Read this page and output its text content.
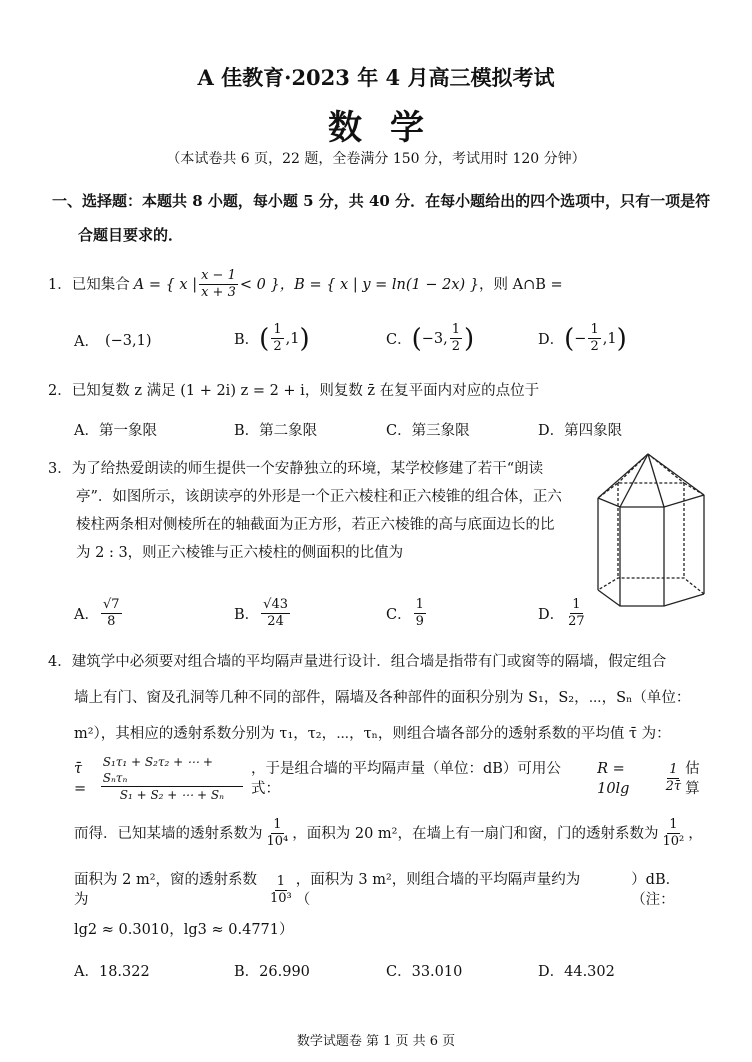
A 佳教育·2023 年 4 月高三模拟考试
数学
（本试卷共 6 页，22 题，全卷满分 150 分，考试用时 120 分钟）
一、选择题：本题共 8 小题，每小题 5 分，共 40 分．在每小题给出的四个选项中，只有一项是符
合题目要求的．
1． 已知集合 A = { x | $\frac{x - 1}{x + 3} < 0$ } ，B = { x | y = ln(1 − 2x) } ，则 A∩B =
A． (−3,1)	B． ( $\frac{1}{2} ,1$ )	C． ( −3, $\frac{1}{2}$ )	D． ( − $\frac{1}{2} ,1$ )
2．已知复数 z 满足 (1 + 2i) z = 2 + i，则复数 z̄ 在复平面内对应的点位于
A．第一象限	B．第二象限	C．第三象限	D．第四象限
3．为了给热爱朗读的师生提供一个安静独立的环境，某学校修建了若干“朗读
亭”．如图所示，该朗读亭的外形是一个正六棱柱和正六棱锥的组合体，正六
棱柱两条相对侧棱所在的轴截面为正方形，若正六棱锥的高与底面边长的比
为 2 : 3，则正六棱锥与正六棱柱的侧面积的比值为
A． $\frac{√7}{8}$	B． $\frac{√43}{24}$	C． $\frac{1}{9}$	D． $\frac{1}{27}$
4．建筑学中必须要对组合墙的平均隔声量进行设计．组合墙是指带有门或窗等的隔墙，假定组合
墙上有门、窗及孔洞等几种不同的部件，隔墙及各种部件的面积分别为 S₁，S₂，⋯，Sₙ（单位：
m²），其相应的透射系数分别为 τ₁，τ₂，⋯，τₙ，则组合墙各部分的透射系数的平均值 τ̄ 为：
τ̄ =	$\frac{\text{S₁τ₁ + S₂τ₂ + ⋯ + Sₙτₙ}}{\text{S₁ + S₂ + ⋯ + Sₙ}}$ ，于是组合墙的平均隔声量（单位：dB）可用公式：
R = 10lg	$\frac{1}{2\taū}$ 估算
而得．已知某墙的透射系数为 $\frac{1}{\text{10⁴}}$ ，面积为 20 m²，在墙上有一扇门和窗，门的透射系数为 $\frac{1}{\text{10²}}$ ，
面积为 2 m²，窗的透射系数为	$\frac{1}{\text{10³}}$ ，面积为 3 m²，则组合墙的平均隔声量约为（
）dB．（注：
lg2 ≈ 0.3010，lg3 ≈ 0.4771）
A．18.322	B．26.990	C．33.010	D．44.302
数学试题卷 第 1 页 共 6 页
